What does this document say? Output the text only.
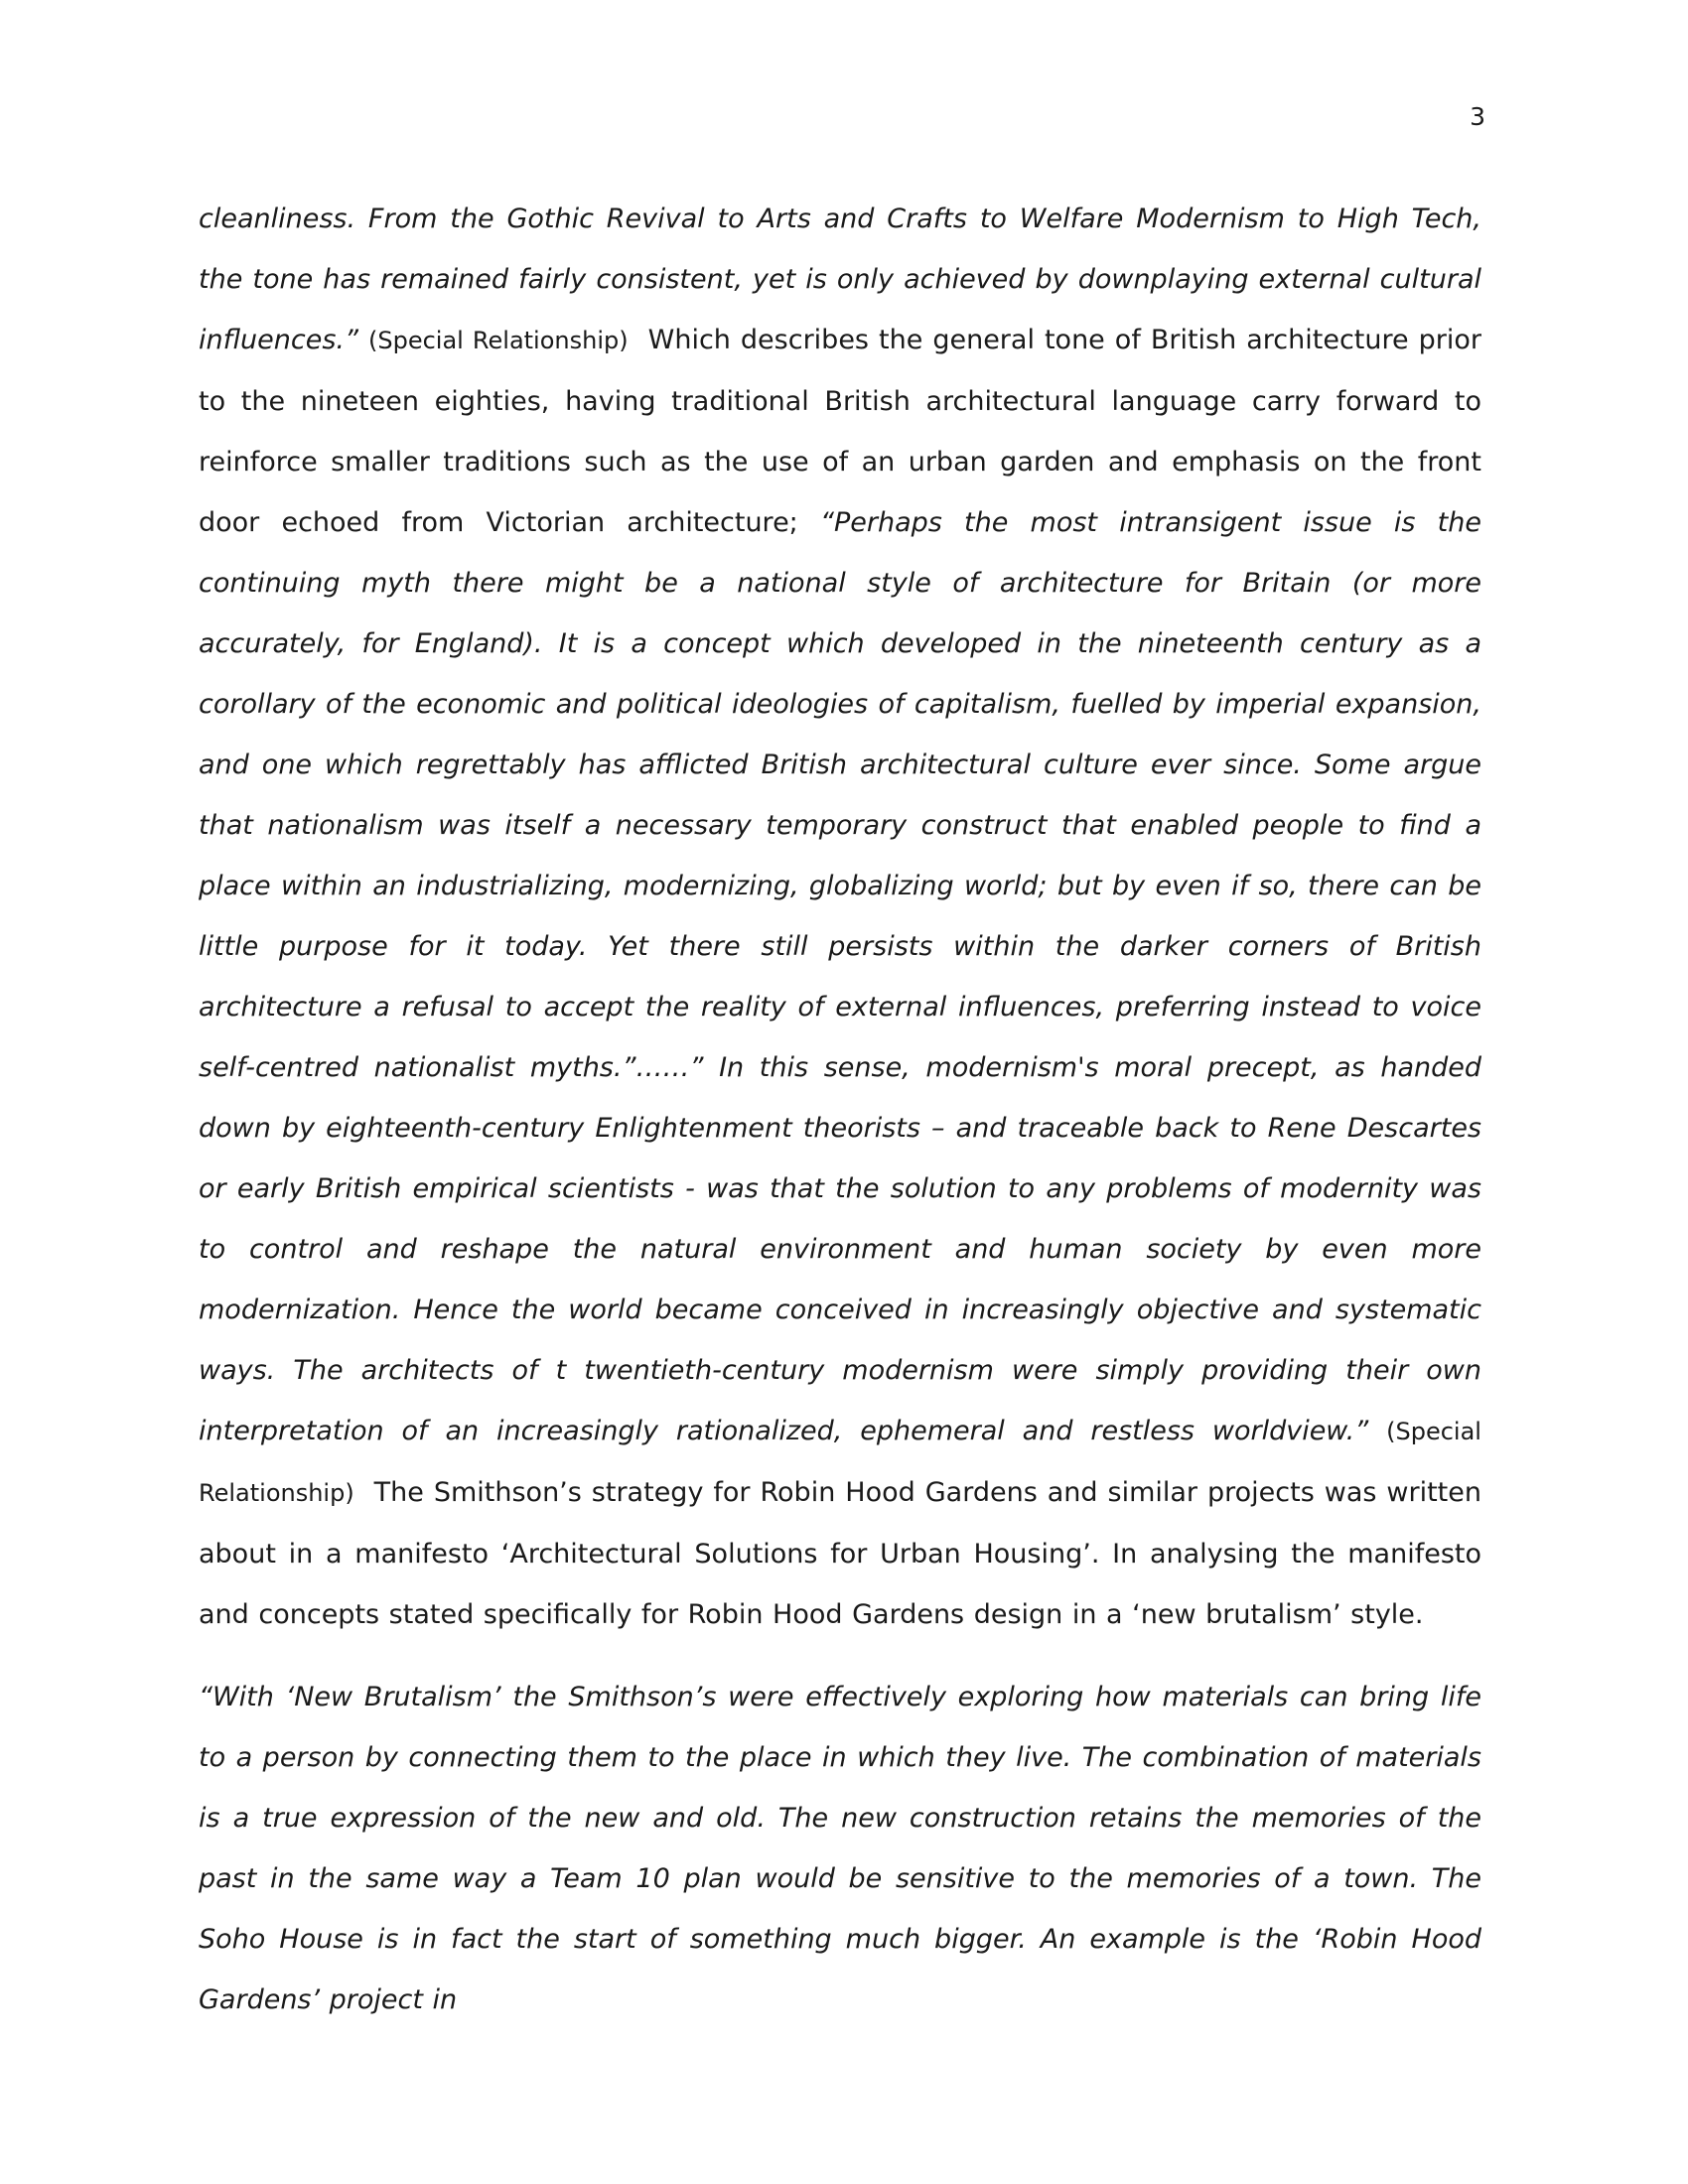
3

cleanliness. From the Gothic Revival to Arts and Crafts to Welfare Modernism to High Tech, the tone has remained fairly consistent, yet is only achieved by downplaying external cultural influences.” (Special Relationship) Which describes the general tone of British architecture prior to the nineteen eighties, having traditional British architectural language carry forward to reinforce smaller traditions such as the use of an urban garden and emphasis on the front door echoed from Victorian architecture; “Perhaps the most intransigent issue is the continuing myth there might be a national style of architecture for Britain (or more accurately, for England). It is a concept which developed in the nineteenth century as a corollary of the economic and political ideologies of capitalism, fuelled by imperial expansion, and one which regrettably has afflicted British architectural culture ever since. Some argue that nationalism was itself a necessary temporary construct that enabled people to find a place within an industrializing, modernizing, globalizing world; but by even if so, there can be little purpose for it today. Yet there still persists within the darker corners of British architecture a refusal to accept the reality of external influences, preferring instead to voice self-centred nationalist myths.”……” In this sense, modernism's moral precept, as handed down by eighteenth-century Enlightenment theorists – and traceable back to Rene Descartes or early British empirical scientists - was that the solution to any problems of modernity was to control and reshape the natural environment and human society by even more modernization. Hence the world became conceived in increasingly objective and systematic ways. The architects of t twentieth-century modernism were simply providing their own interpretation of an increasingly rationalized, ephemeral and restless worldview.” (Special Relationship) The Smithson’s strategy for Robin Hood Gardens and similar projects was written about in a manifesto ‘Architectural Solutions for Urban Housing’. In analysing the manifesto and concepts stated specifically for Robin Hood Gardens design in a ‘new brutalism’ style.

“With ‘New Brutalism’ the Smithson’s were effectively exploring how materials can bring life to a person by connecting them to the place in which they live. The combination of materials is a true expression of the new and old. The new construction retains the memories of the past in the same way a Team 10 plan would be sensitive to the memories of a town. The Soho House is in fact the start of something much bigger. An example is the ‘Robin Hood Gardens’ project in
